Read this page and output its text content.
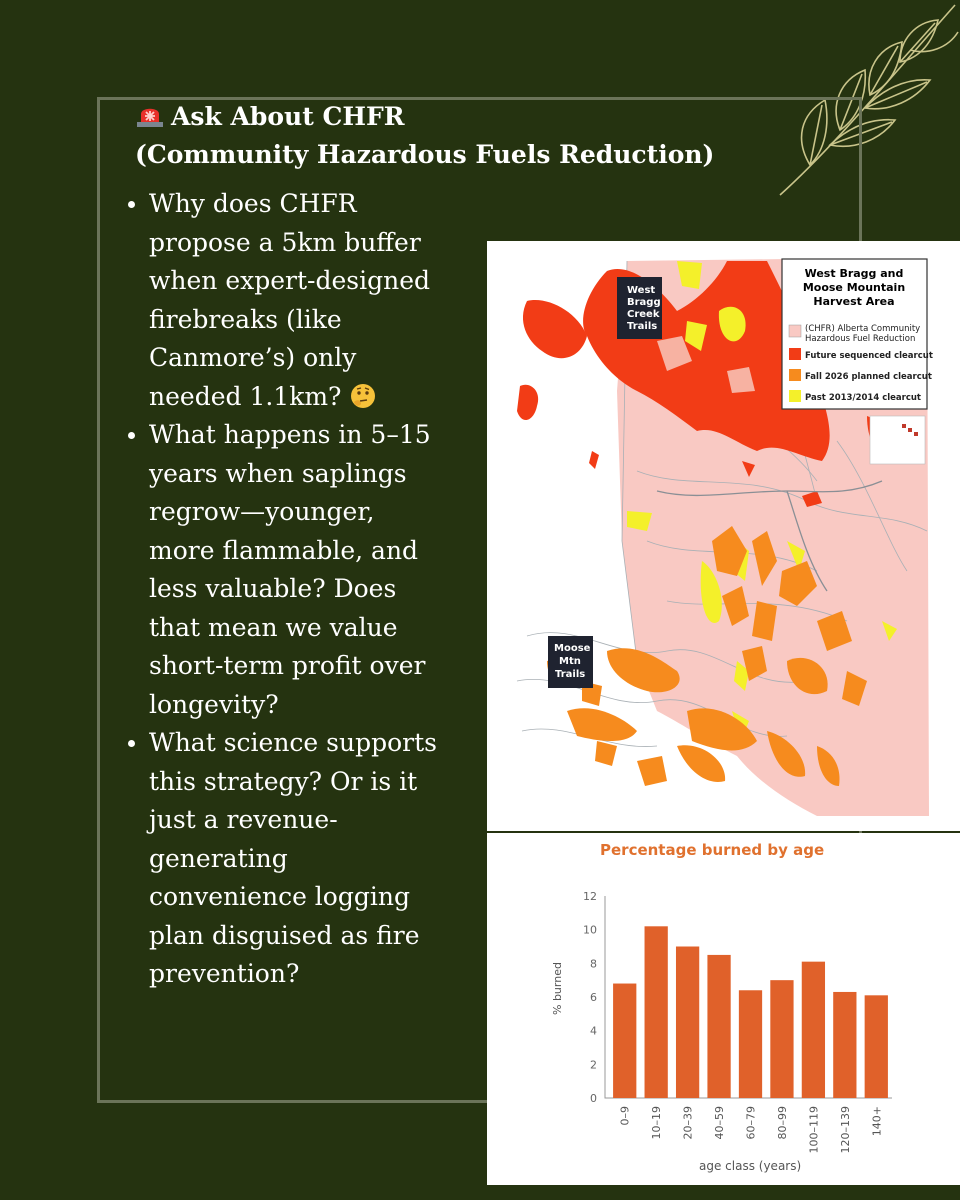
Ask About CHFR
(Community Hazardous Fuels Reduction)
Why does CHFR
propose a 5km buffer
when expert-designed
firebreaks (like
Canmore’s) only
needed 1.1km?
What happens in 5–15
years when saplings
regrow—younger,
more flammable, and
less valuable? Does
that mean we value
short-term profit over
longevity?
What science supports
this strategy? Or is it
just a revenue-
generating
convenience logging
plan disguised as fire
prevention?
West Bragg and
Moose Mountain
Harvest Area
(CHFR) Alberta Community
Hazardous Fuel Reduction
Future sequenced clearcut
Fall 2026 planned clearcut
Past 2013/2014 clearcut
West
Bragg
Creek
Trails
Moose
Mtn
Trails
Percentage burned by age
% burned
age class (years)
0
2
4
6
8
10
12
0–9 10–19 20–39 40–59 60–79 80–99 100–119 120–139 140+
